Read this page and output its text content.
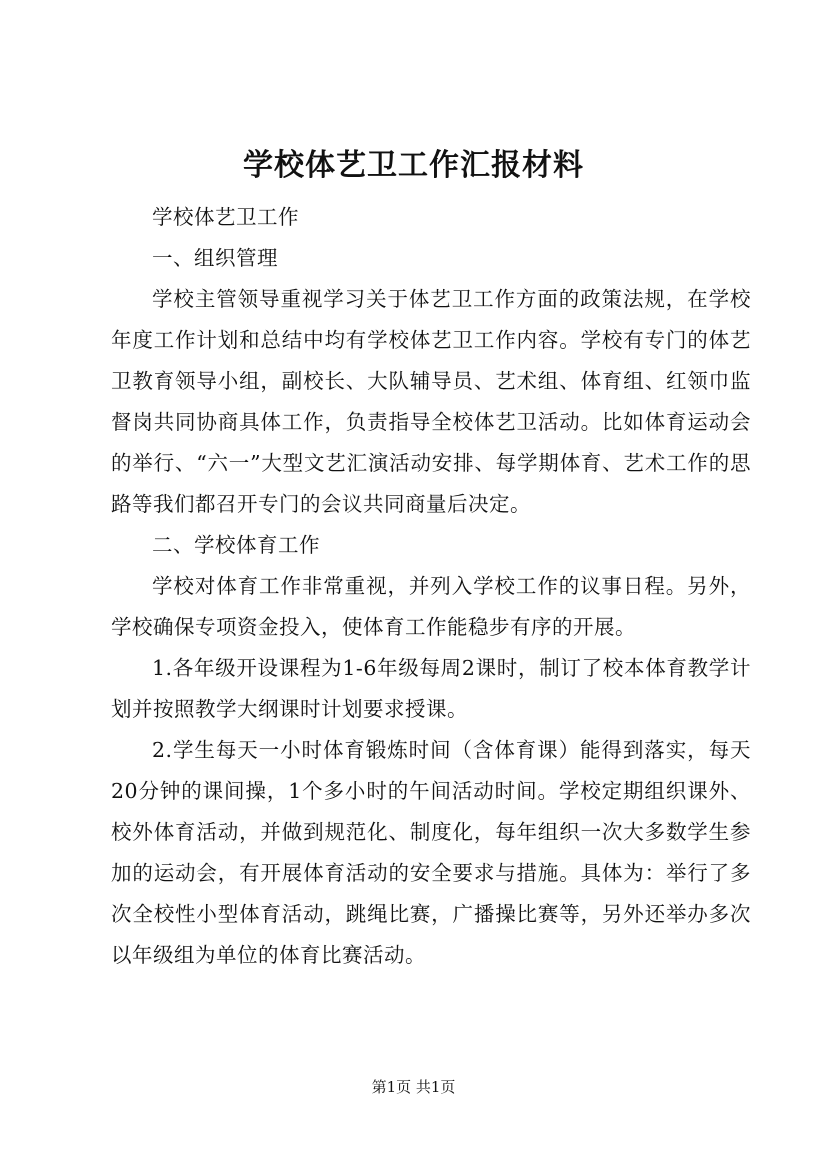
学校体艺卫工作汇报材料

学校体艺卫工作

一、组织管理

学校主管领导重视学习关于体艺卫工作方面的政策法规，在学校年度工作计划和总结中均有学校体艺卫工作内容。学校有专门的体艺卫教育领导小组，副校长、大队辅导员、艺术组、体育组、红领巾监督岗共同协商具体工作，负责指导全校体艺卫活动。比如体育运动会的举行、“六一”大型文艺汇演活动安排、每学期体育、艺术工作的思路等我们都召开专门的会议共同商量后决定。

二、学校体育工作

学校对体育工作非常重视，并列入学校工作的议事日程。另外，学校确保专项资金投入，使体育工作能稳步有序的开展。

1.各年级开设课程为1-6年级每周2课时，制订了校本体育教学计划并按照教学大纲课时计划要求授课。

2.学生每天一小时体育锻炼时间（含体育课）能得到落实，每天20分钟的课间操，1个多小时的午间活动时间。学校定期组织课外、校外体育活动，并做到规范化、制度化，每年组织一次大多数学生参加的运动会，有开展体育活动的安全要求与措施。具体为：举行了多次全校性小型体育活动，跳绳比赛，广播操比赛等，另外还举办多次以年级组为单位的体育比赛活动。

第1页 共1页
